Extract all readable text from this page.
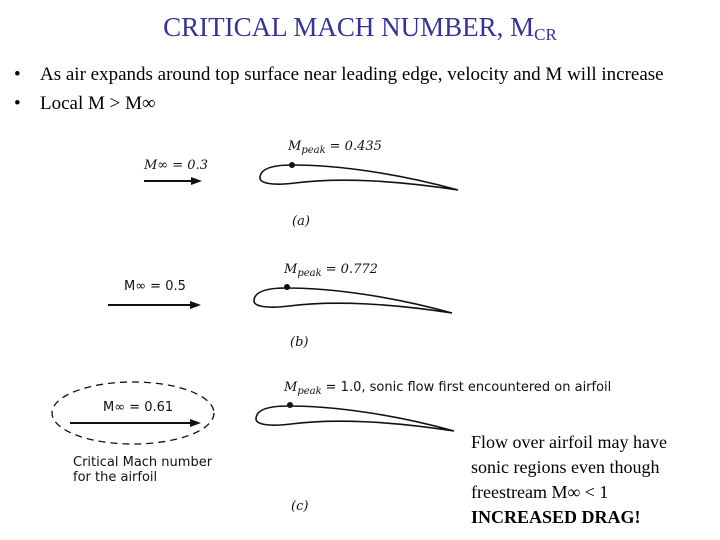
CRITICAL MACH NUMBER, $M_{CR}$
• As air expands around top surface near leading edge, velocity and M will increase
• Local M > M∞
M∞ = 0.3
$M_{peak} = 0.435$
(a)
M∞ = 0.5
$M_{peak} = 0.772$
(b)
M∞ = 0.61
Critical Mach number
for the airfoil
$M_{peak} = 1.0$, sonic flow first encountered on airfoil
(c)
Flow over airfoil may have
sonic regions even though
freestream M∞ < 1
INCREASED DRAG!
